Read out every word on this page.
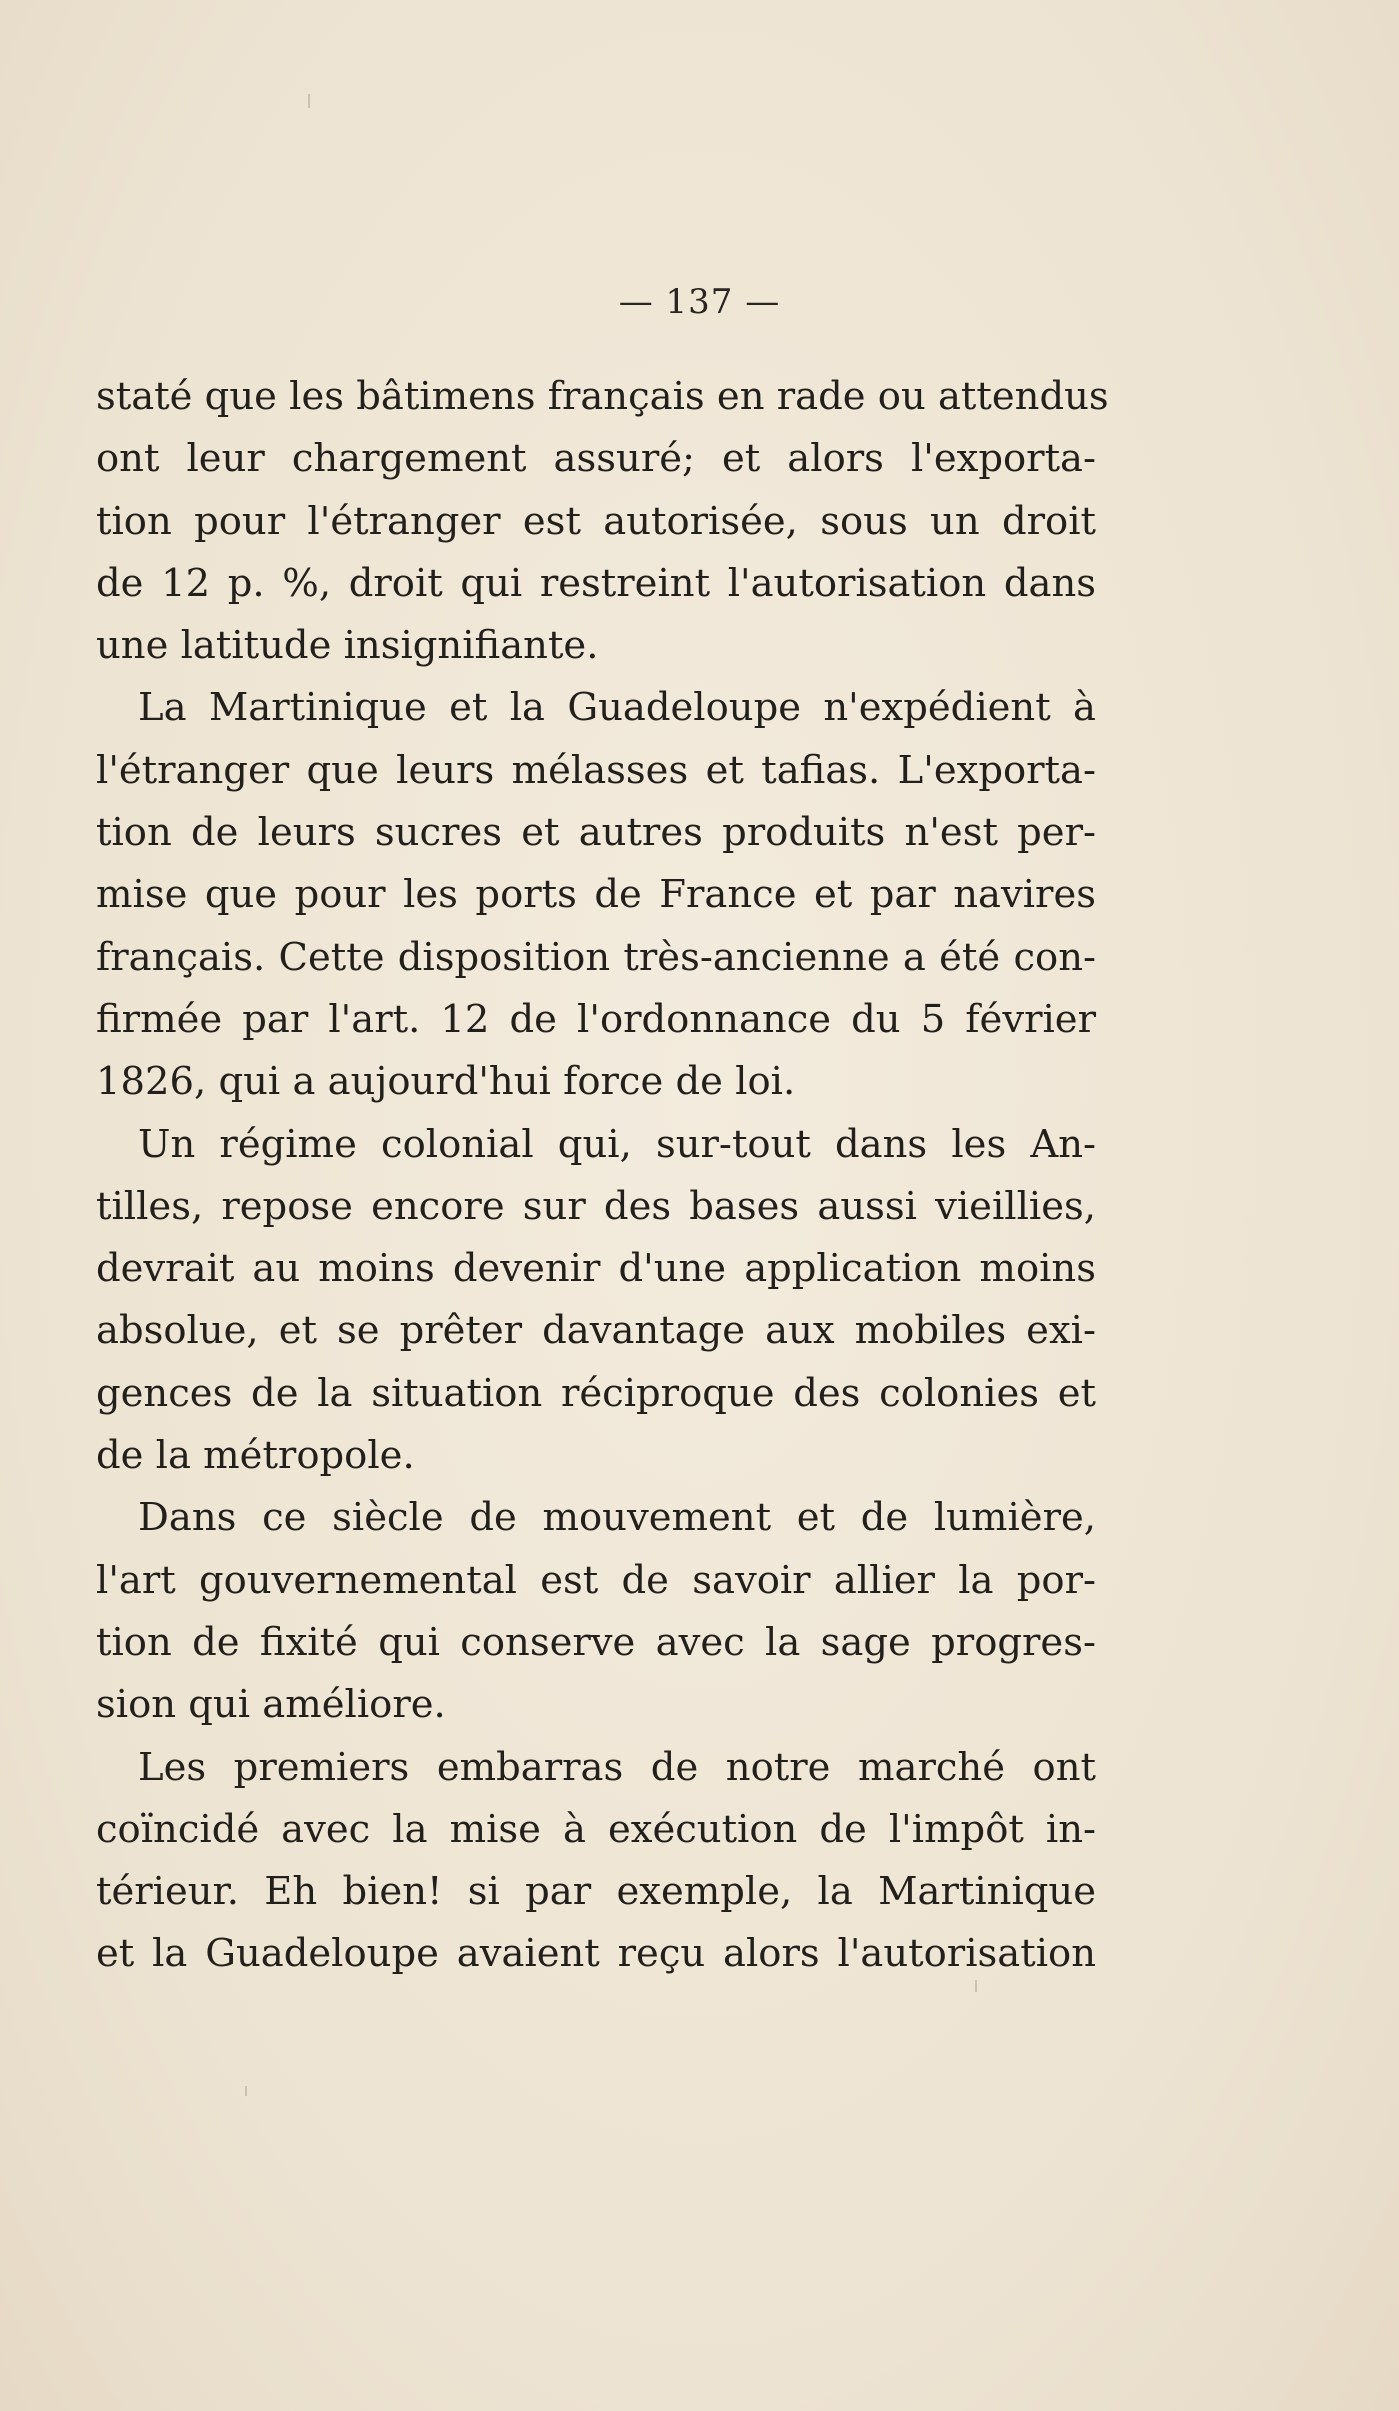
— 137 —
staté que les bâtimens français en rade ou attendus
ont leur chargement assuré; et alors l'exporta-
tion pour l'étranger est autorisée, sous un droit
de 12 p. %, droit qui restreint l'autorisation dans
une latitude insignifiante.
La Martinique et la Guadeloupe n'expédient à
l'étranger que leurs mélasses et tafias. L'exporta-
tion de leurs sucres et autres produits n'est per-
mise que pour les ports de France et par navires
français. Cette disposition très-ancienne a été con-
firmée par l'art. 12 de l'ordonnance du 5 février
1826, qui a aujourd'hui force de loi.
Un régime colonial qui, sur-tout dans les An-
tilles, repose encore sur des bases aussi vieillies,
devrait au moins devenir d'une application moins
absolue, et se prêter davantage aux mobiles exi-
gences de la situation réciproque des colonies et
de la métropole.
Dans ce siècle de mouvement et de lumière,
l'art gouvernemental est de savoir allier la por-
tion de fixité qui conserve avec la sage progres-
sion qui améliore.
Les premiers embarras de notre marché ont
coïncidé avec la mise à exécution de l'impôt in-
térieur. Eh bien! si par exemple, la Martinique
et la Guadeloupe avaient reçu alors l'autorisation
